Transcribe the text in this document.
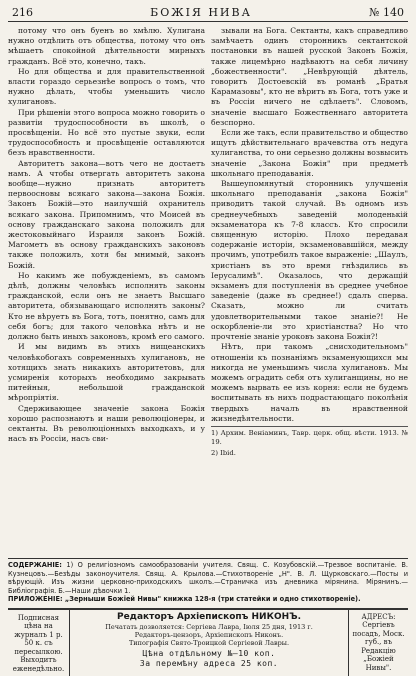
216	БОЖІЯ НИВА	№ 140

потому что онъ буенъ во хмѣлю. Хулигана нужно отдѣлить отъ общества, потому что онъ мѣшаетъ спокойной дѣятельности мирныхъ гражданъ. Всё это, конечно, такъ.

Но для общества и для правительственной власти гораздо серьезнѣе вопросъ о томъ, что нужно дѣлать, чтобы уменьшить число хулигановъ.

При рѣшеніи этого вопроса можно говорить о развитіи трудоспособности въ школѣ, о просвѣщеніи. Но всё это пустые звуки, если трудоспособность и просвѣщеніе оставляются безъ нравственности.

Авторитетъ закона—вотъ чего не достаетъ намъ. А чтобы отвергать авторитетъ закона вообще—нужно признать авторитетъ первоосновы всякаго закона—закона Божія. Законъ Божій—это наилучшій охранитель всякаго закона. Припомнимъ, что Моисей въ основу гражданскаго закона положилъ для жестоковыйнаго Израиля законъ Божій. Магометъ въ основу гражданскихъ законовъ также положилъ, хотя бы мнимый, законъ Божій.

Но какимъ же побужденіемъ, въ самомъ дѣлѣ, должны человѣкъ исполнять законы гражданской, если онъ не знаетъ Высшаго авторитета, обязывающаго исполнять законы? Кто не вѣруетъ въ Бога, тотъ, понятно, самъ для себя богъ; для такого человѣка нѣтъ и не должно быть иныхъ законовъ, кромѣ его самого.

И мы видимъ въ этихъ нищеанскихъ человѣкобогахъ современныхъ хулигановъ, не хотящихъ знать никакихъ авторитетовъ, для усмиренія которыхъ необходимо закрывать питейныя, небольшой гражданской мѣропріятія.

Сдерживающее значеніе закона Божія хорошо распознаютъ и наши революціонеры, и сектанты. Въ революціонныхъ выходкахъ, и у насъ въ Россіи, насъ сви-

зывали на Бога. Сектанты, какъ справедливо замѣчаетъ одинъ сторонникъ сектантской постановки въ нашей русской Законъ Божія, также лицемѣрно надѣваютъ на себя личину „божественности". „Невѣрующій дѣятель, говоритъ Достоевскій въ романѣ „Братья Карамазовы", кто не вѣритъ въ Бога, тотъ уже и въ Россіи ничего не сдѣлаетъ". Словомъ, значеніе высшаго Божественнаго авторитета безспорно.

Если же такъ, если правительство и общество ищутъ дѣйствительнаго врачевства отъ недуга хулиганства, то они серьезно должны возвысить значеніе „Закона Божія" при предметѣ школьнаго преподаванія.

Вышеупомянутый сторонникъ улучшенія школьнаго преподаванія „закона Божія" приводитъ такой случай. Въ одномъ изъ среднеучебныхъ заведеній молоденькій экзаменатора къ 7-8 классъ. Кто спросили священную исторію. Плохо передавая содержаніе исторіи, экзаменовавшійся, между прочимъ, употребилъ такое выраженіе: „Шаулъ, христіанъ въ это время гнѣздились въ Іерусалимѣ". Оказалось, что держащій экзаменъ для поступленія въ среднее учебное заведеніе (даже въ среднее!) сдалъ сперва. Сказать, можно ли считать удовлетворительными такое знаніе?! Не оскорбленіе-ли это христіанства? Но что прочтеніе знаніе уроковъ закона Божія?!

Нѣтъ, при такомъ „снисходительномъ" отношеніи къ познаніямъ экзаменующихся мы никогда не уменьшимъ числа хулигановъ. Мы можемъ оградить себя отъ хулиганщины, но не можемъ вырвать ее изъ корня: если не будемъ воспитывать въ нихъ подрастающаго поколѣнія твердыхъ началъ въ нравственной жизнедѣятельности.

1) Архим. Веніаминъ, Тавр. церк. общ. вѣсти. 1913. № 19.

2) Ibid.

СОДЕРЖАНІЕ: 1) О религіозномъ самообразованіи учителя. Свящ. С. Козубовскій.—Трезвое воспитаніе. В. Кузнецовъ.—Безѣды законоучителя. Свящ. А. Крылова.—Стихотвореніе „Н". В. Л. Щурковскаго.—Посты и вѣрующій. Изъ жизни церковно-приходскихъ школъ.—Страничка изъ дневника мірянина. Мірянинъ.—Библіографія. Б.—Наши дѣвочки 1.
ПРИЛОЖЕНІЕ: „Зерныши Божіей Нивы" книжка 128-я (три статейки и одно стихотвореніе).
Подписная цѣна на журналъ 1 р. 50 к. съ пересылкою. Выходитъ еженедѣльно.
Редакторъ Архіепископъ НИКОНЪ.
Печатать дозволяется: Сергіева Лавра, Іюля 25 дня, 1913 г.
Редакторъ-цензоръ, Архіепископъ Никонъ.
Типографія Свято-Троицкой Сергіевой Лавры.
Цѣна отдѣльному №—10 коп.
За перемѣну адреса 25 коп.
АДРЕСЪ: Сергіевъ посадъ, Моск. губ., въ Редакцію „Божіей Нивы".
